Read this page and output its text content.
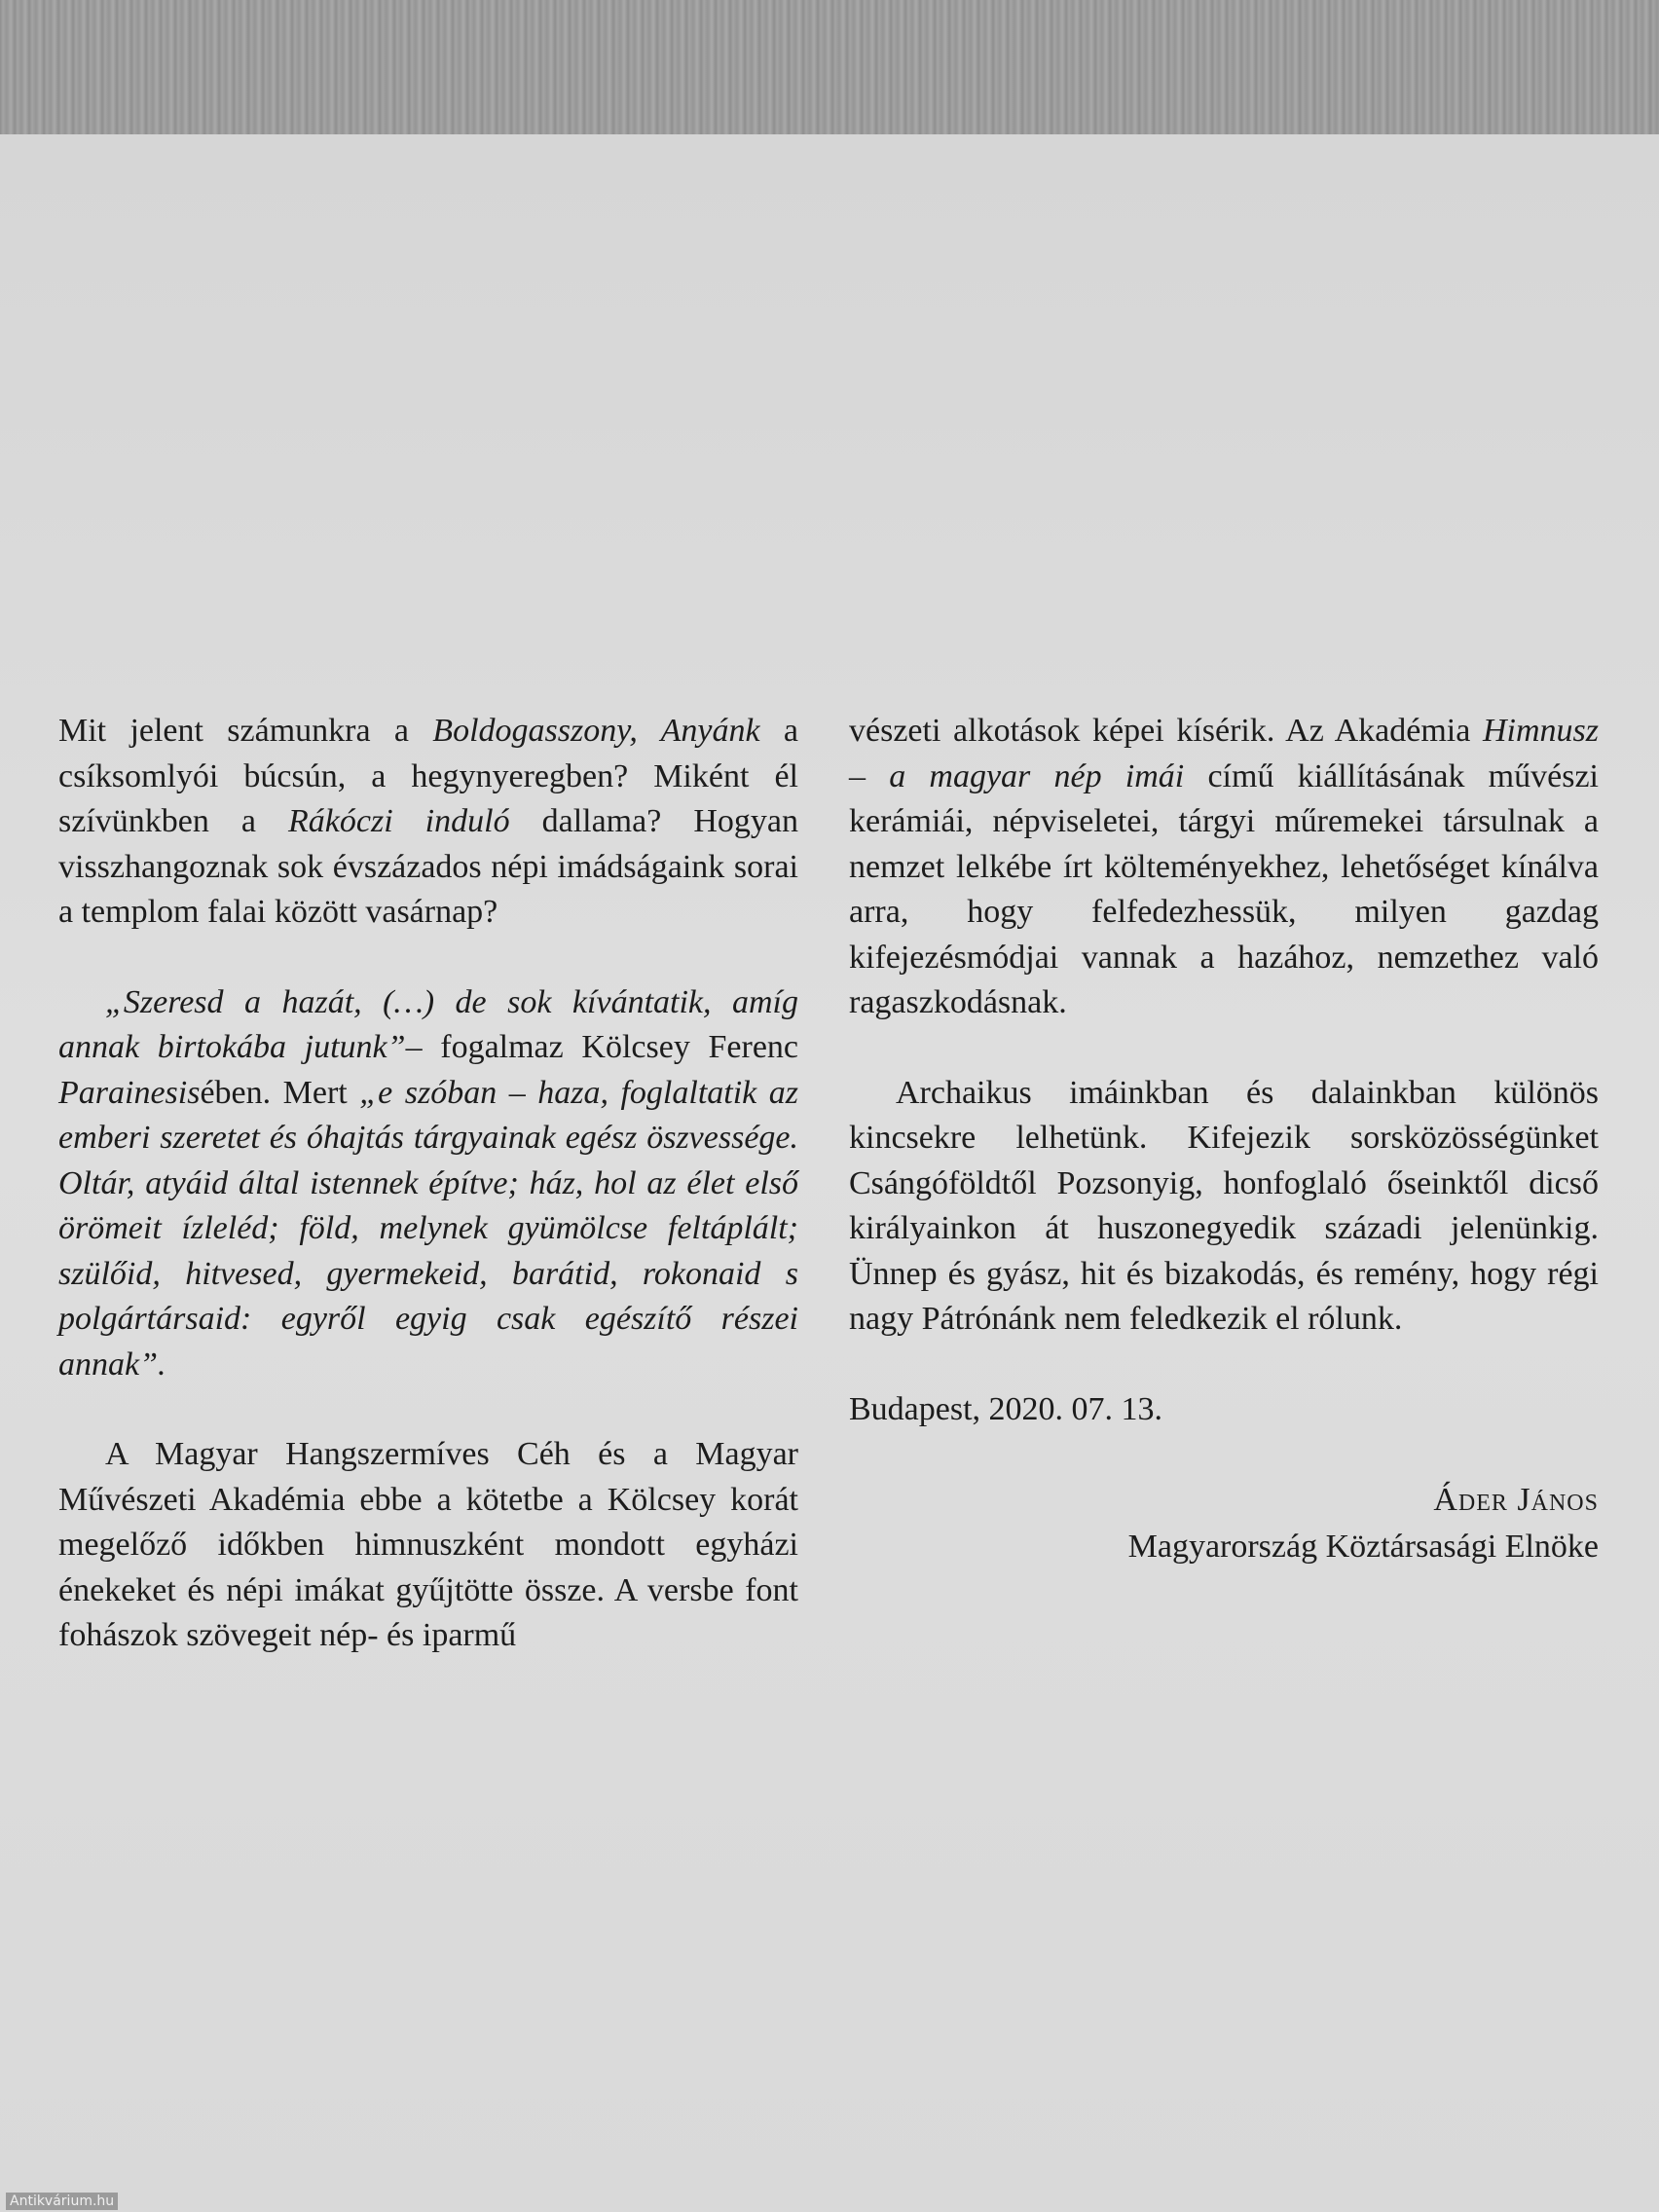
Mit jelent számunkra a Boldogasszony, Anyánk a csíksomlyói búcsún, a hegynyeregben? Miként él szívünkben a Rákóczi induló dallama? Hogyan visszhangoznak sok évszázados népi imádságaink sorai a templom falai között vasárnap?

„Szeresd a hazát, (…) de sok kívántatik, amíg annak birtokába jutunk”– fogalmaz Kölcsey Ferenc Parainesisében. Mert „e szóban – haza, foglaltatik az emberi szeretet és óhajtás tárgyainak egész öszvessége. Oltár, atyáid által istennek építve; ház, hol az élet első örömeit ízleléd; föld, melynek gyümölcse feltáplált; szülőid, hitvesed, gyermekeid, barátid, rokonaid s polgártársaid: egyről egyig csak egészítő részei annak”.

A Magyar Hangszermíves Céh és a Magyar Művészeti Akadémia ebbe a kötetbe a Kölcsey korát megelőző időkben himnuszként mondott egyházi énekeket és népi imákat gyűjtötte össze. A versbe font fohászok szövegeit nép- és iparmű

vészeti alkotások képei kísérik. Az Akadémia Himnusz – a magyar nép imái című kiállításának művészi kerámiái, népviseletei, tárgyi műremekei társulnak a nemzet lelkébe írt költeményekhez, lehetőséget kínálva arra, hogy felfedezhessük, milyen gazdag kifejezésmódjai vannak a hazához, nemzethez való ragaszkodásnak.

Archaikus imáinkban és dalainkban különös kincsekre lelhetünk. Kifejezik sorsközösségünket Csángóföldtől Pozsonyig, honfoglaló őseinktől dicső királyainkon át huszonegyedik századi jelenünkig. Ünnep és gyász, hit és bizakodás, és remény, hogy régi nagy Pátrónánk nem feledkezik el rólunk.

Budapest, 2020. 07. 13.

Áder János
Magyarország Köztársasági Elnöke
Antikvárium.hu
